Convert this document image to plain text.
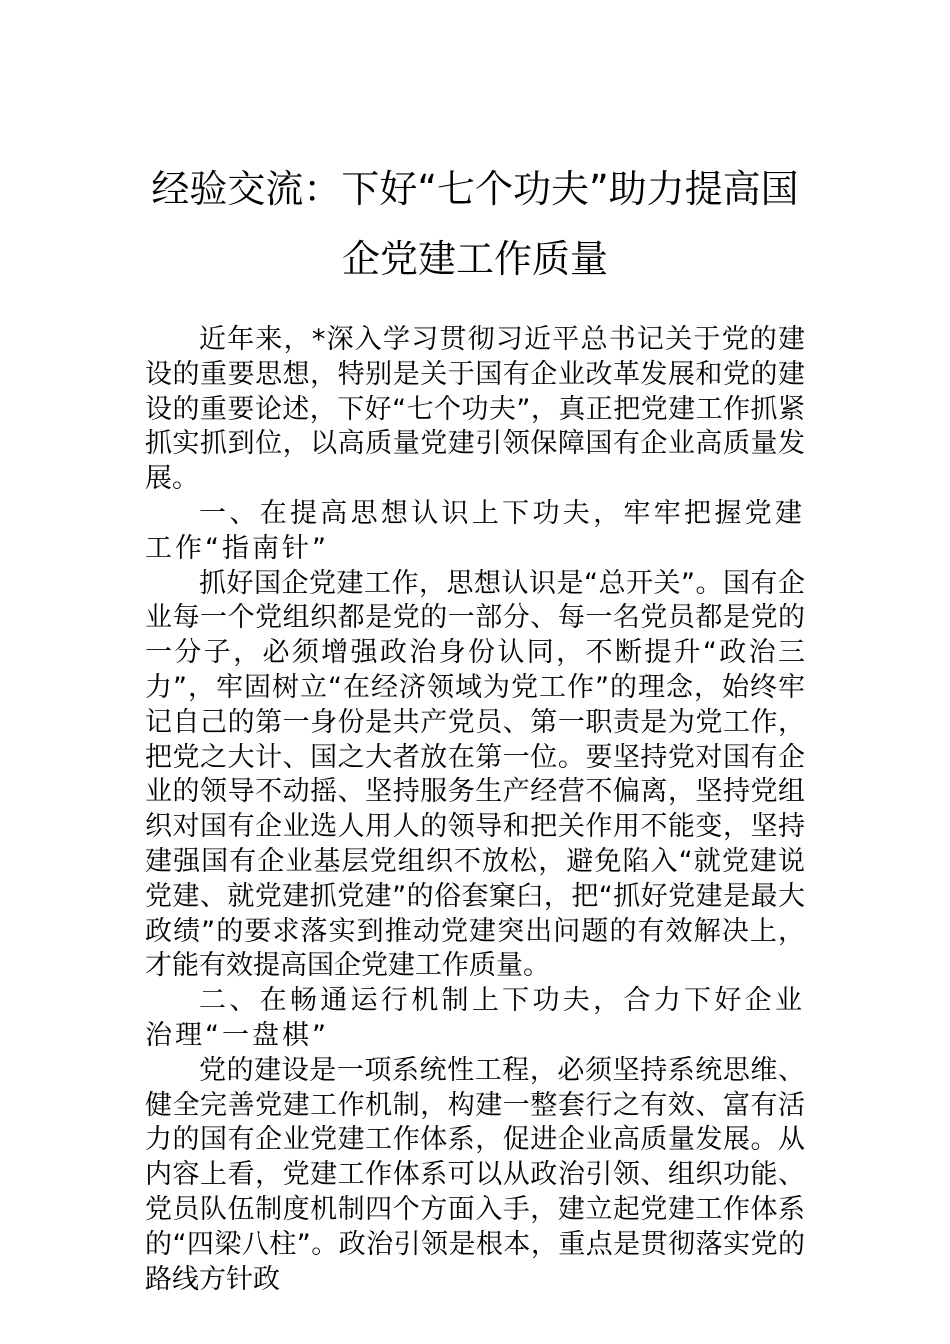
经验交流：下好“七个功夫”助力提高国
企党建工作质量

近年来，*深入学习贯彻习近平总书记关于党的建设的重要思想，特别是关于国有企业改革发展和党的建设的重要论述，下好“七个功夫”，真正把党建工作抓紧抓实抓到位，以高质量党建引领保障国有企业高质量发展。

一、在提高思想认识上下功夫，牢牢把握党建工作“指南针”

抓好国企党建工作，思想认识是“总开关”。国有企业每一个党组织都是党的一部分、每一名党员都是党的一分子，必须增强政治身份认同，不断提升“政治三力”，牢固树立“在经济领域为党工作”的理念，始终牢记自己的第一身份是共产党员、第一职责是为党工作，把党之大计、国之大者放在第一位。要坚持党对国有企业的领导不动摇、坚持服务生产经营不偏离，坚持党组织对国有企业选人用人的领导和把关作用不能变，坚持建强国有企业基层党组织不放松，避免陷入“就党建说党建、就党建抓党建”的俗套窠臼，把“抓好党建是最大政绩”的要求落实到推动党建突出问题的有效解决上，才能有效提高国企党建工作质量。

二、在畅通运行机制上下功夫，合力下好企业治理“一盘棋”

党的建设是一项系统性工程，必须坚持系统思维、健全完善党建工作机制，构建一整套行之有效、富有活力的国有企业党建工作体系，促进企业高质量发展。从内容上看，党建工作体系可以从政治引领、组织功能、党员队伍制度机制四个方面入手，建立起党建工作体系的“四梁八柱”。政治引领是根本，重点是贯彻落实党的路线方针政
